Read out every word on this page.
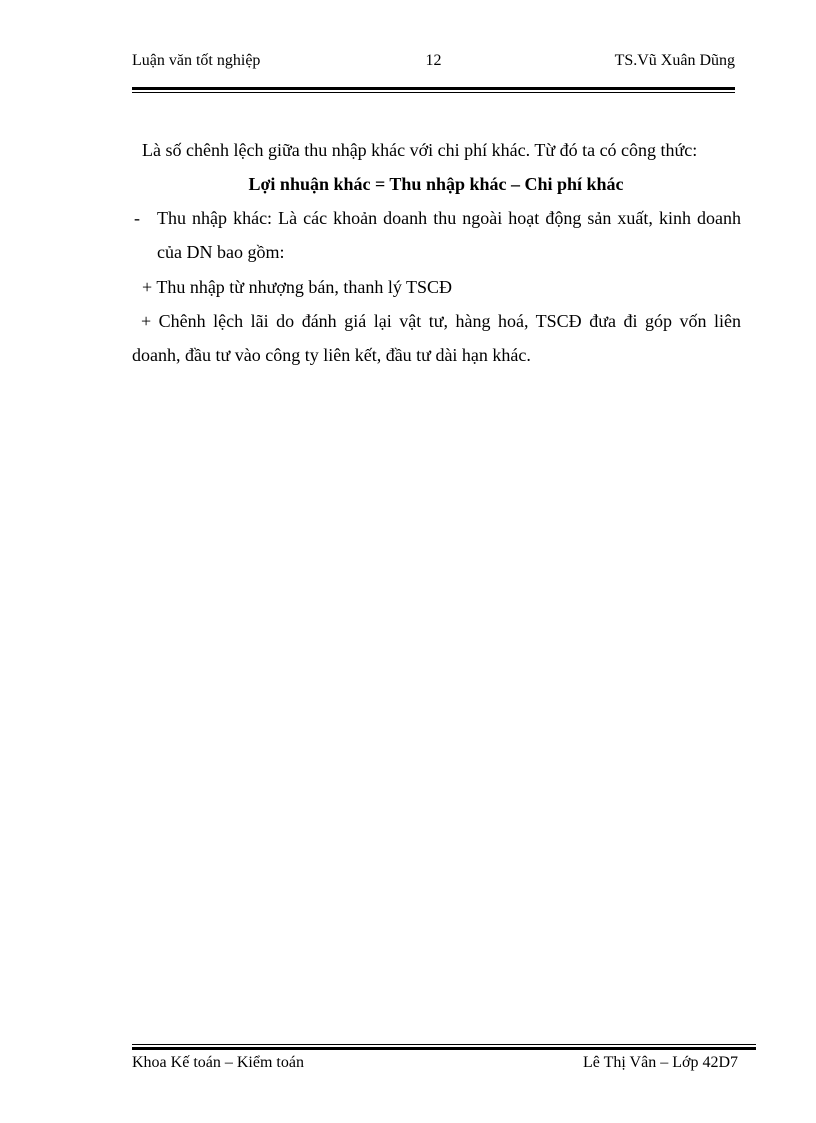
Luận văn tốt nghiệp	12	TS.Vũ Xuân Dũng
Là số chênh lệch giữa thu nhập khác với chi phí khác. Từ đó ta có công thức:
Lợi nhuận khác = Thu nhập khác – Chi phí khác
- Thu nhập khác: Là các khoản doanh thu ngoài hoạt động sản xuất, kinh doanh
của DN bao gồm:
+ Thu nhập từ nhượng bán, thanh lý TSCĐ
+ Chênh lệch lãi do đánh giá lại vật tư, hàng hoá, TSCĐ đưa đi góp vốn liên
doanh, đầu tư vào công ty liên kết, đầu tư dài hạn khác.
Khoa Kế toán – Kiểm toán	Lê Thị Vân – Lớp 42D7
